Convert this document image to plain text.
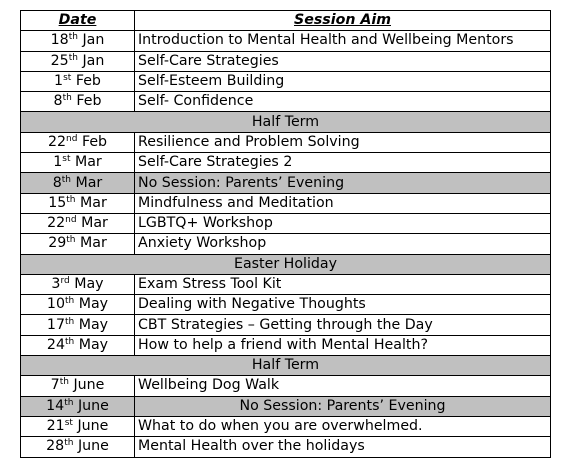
Date	Session Aim
18th Jan	Introduction to Mental Health and Wellbeing Mentors
25th Jan	Self-Care Strategies
1st Feb	Self-Esteem Building
8th Feb	Self- Confidence
Half Term	
22nd Feb	Resilience and Problem Solving
1st Mar	Self-Care Strategies 2
8th Mar	No Session: Parents’ Evening
15th Mar	Mindfulness and Meditation
22nd Mar	LGBTQ+ Workshop
29th Mar	Anxiety Workshop
Easter Holiday	
3rd May	Exam Stress Tool Kit
10th May	Dealing with Negative Thoughts
17th May	CBT Strategies – Getting through the Day
24th May	How to help a friend with Mental Health?
Half Term	
7th June	Wellbeing Dog Walk
14th June	No Session: Parents’ Evening
21st June	What to do when you are overwhelmed.
28th June	Mental Health over the holidays
